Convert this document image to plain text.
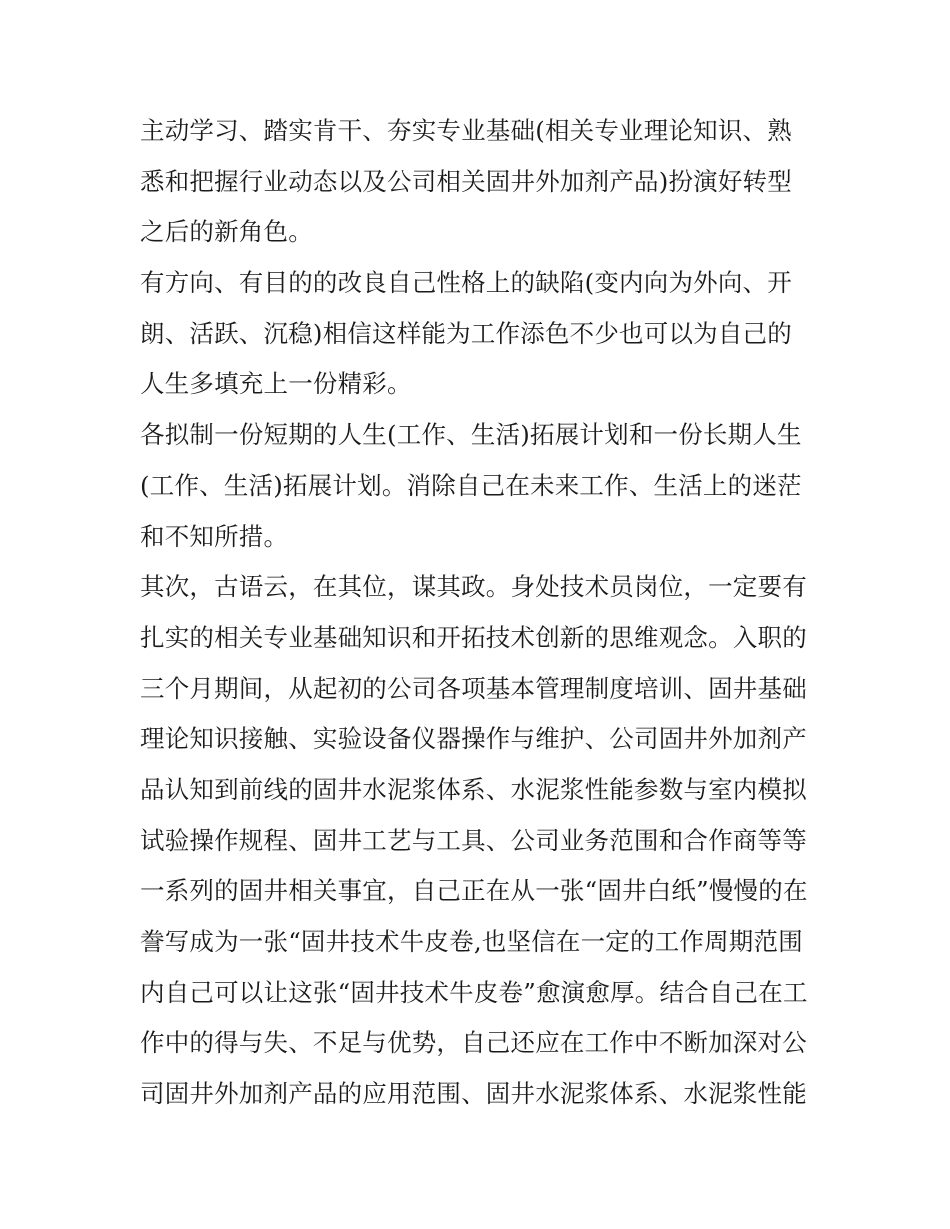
主动学习、踏实肯干、夯实专业基础(相关专业理论知识、熟
悉和把握行业动态以及公司相关固井外加剂产品)扮演好转型
之后的新角色。
有方向、有目的的改良自己性格上的缺陷(变内向为外向、开
朗、活跃、沉稳)相信这样能为工作添色不少也可以为自己的
人生多填充上一份精彩。
各拟制一份短期的人生(工作、生活)拓展计划和一份长期人生
(工作、生活)拓展计划。消除自己在未来工作、生活上的迷茫
和不知所措。
其次，古语云，在其位，谋其政。身处技术员岗位，一定要有
扎实的相关专业基础知识和开拓技术创新的思维观念。入职的
三个月期间，从起初的公司各项基本管理制度培训、固井基础
理论知识接触、实验设备仪器操作与维护、公司固井外加剂产
品认知到前线的固井水泥浆体系、水泥浆性能参数与室内模拟
试验操作规程、固井工艺与工具、公司业务范围和合作商等等
一系列的固井相关事宜，自己正在从一张“固井白纸”慢慢的在
誊写成为一张“固井技术牛皮卷,也坚信在一定的工作周期范围
内自己可以让这张“固井技术牛皮卷”愈演愈厚。结合自己在工
作中的得与失、不足与优势，自己还应在工作中不断加深对公
司固井外加剂产品的应用范围、固井水泥浆体系、水泥浆性能
